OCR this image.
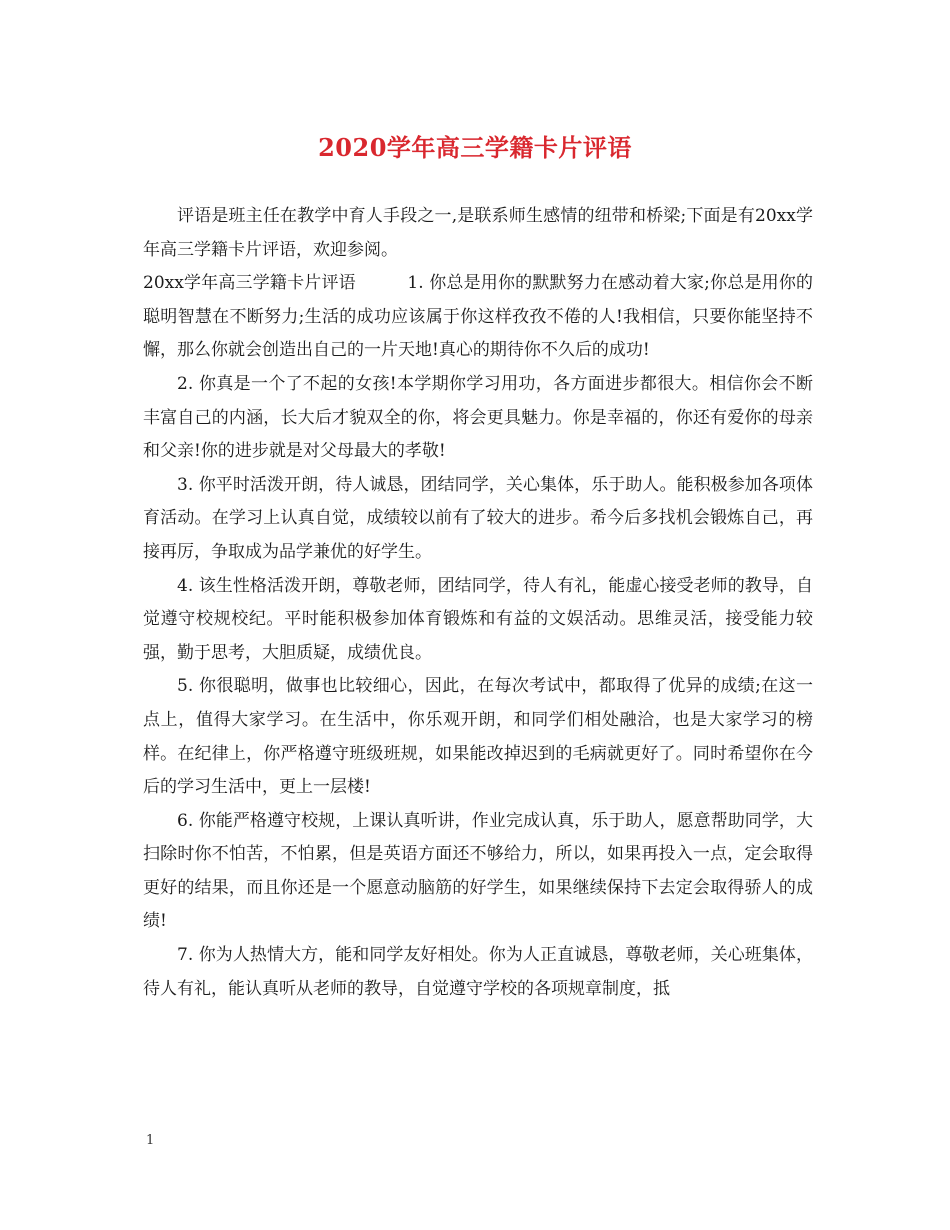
2020学年高三学籍卡片评语

评语是班主任在教学中育人手段之一,是联系师生感情的纽带和桥梁;下面是有20xx学年高三学籍卡片评语，欢迎参阅。

20xx学年高三学籍卡片评语　　　1. 你总是用你的默默努力在感动着大家;你总是用你的聪明智慧在不断努力;生活的成功应该属于你这样孜孜不倦的人!我相信，只要你能坚持不懈，那么你就会创造出自己的一片天地!真心的期待你不久后的成功!

2. 你真是一个了不起的女孩!本学期你学习用功，各方面进步都很大。相信你会不断丰富自己的内涵，长大后才貌双全的你，将会更具魅力。你是幸福的，你还有爱你的母亲和父亲!你的进步就是对父母最大的孝敬!

3. 你平时活泼开朗，待人诚恳，团结同学，关心集体，乐于助人。能积极参加各项体育活动。在学习上认真自觉，成绩较以前有了较大的进步。希今后多找机会锻炼自己，再接再厉，争取成为品学兼优的好学生。

4. 该生性格活泼开朗，尊敬老师，团结同学，待人有礼，能虚心接受老师的教导，自觉遵守校规校纪。平时能积极参加体育锻炼和有益的文娱活动。思维灵活，接受能力较强，勤于思考，大胆质疑，成绩优良。

5. 你很聪明，做事也比较细心，因此，在每次考试中，都取得了优异的成绩;在这一点上，值得大家学习。在生活中，你乐观开朗，和同学们相处融洽，也是大家学习的榜样。在纪律上，你严格遵守班级班规，如果能改掉迟到的毛病就更好了。同时希望你在今后的学习生活中，更上一层楼!

6. 你能严格遵守校规，上课认真听讲，作业完成认真，乐于助人，愿意帮助同学，大扫除时你不怕苦，不怕累，但是英语方面还不够给力，所以，如果再投入一点，定会取得更好的结果，而且你还是一个愿意动脑筋的好学生，如果继续保持下去定会取得骄人的成绩!

7. 你为人热情大方，能和同学友好相处。你为人正直诚恳，尊敬老师，关心班集体，待人有礼，能认真听从老师的教导，自觉遵守学校的各项规章制度，抵

1
